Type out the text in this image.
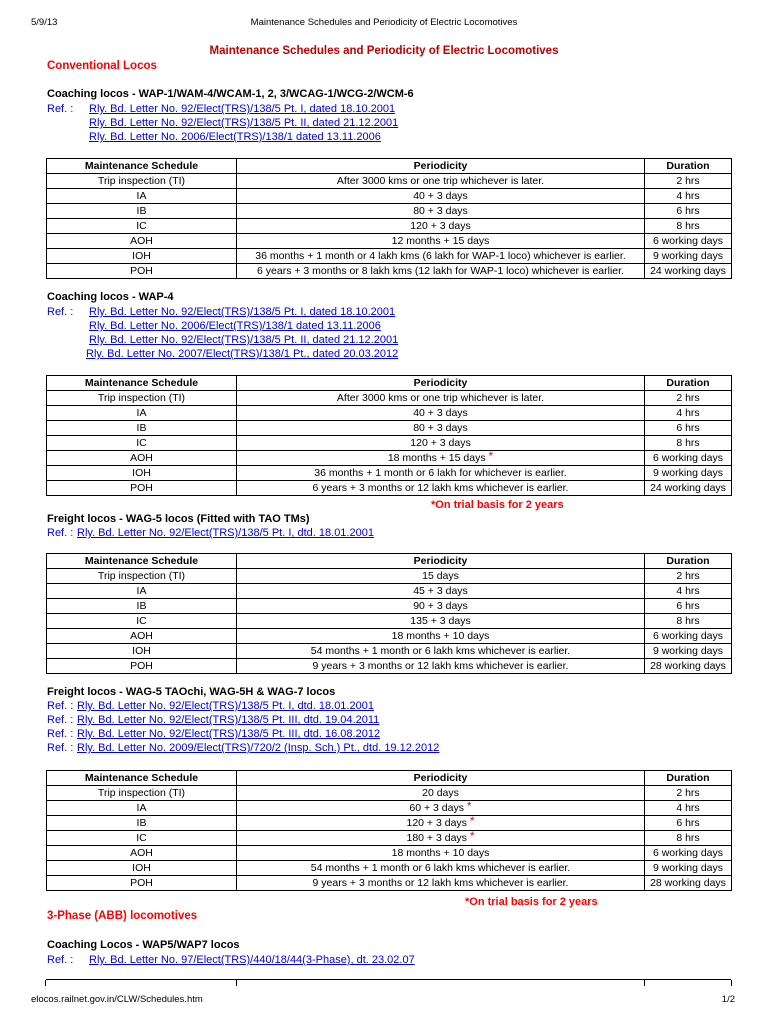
5/9/13	Maintenance Schedules and Periodicity of Electric Locomotives
Maintenance Schedules and Periodicity of Electric Locomotives
Conventional Locos
Coaching locos - WAP-1/WAM-4/WCAM-1, 2, 3/WCAG-1/WCG-2/WCM-6
Ref. : Rly. Bd. Letter No. 92/Elect(TRS)/138/5 Pt. I, dated 18.10.2001
Rly. Bd. Letter No. 92/Elect(TRS)/138/5 Pt. II, dated 21.12.2001
Rly. Bd. Letter No. 2006/Elect(TRS)/138/1 dated 13.11.2006
Maintenance Schedule	Periodicity	Duration
Trip inspection (TI)	After 3000 kms or one trip whichever is later.	2 hrs
IA	40 + 3 days	4 hrs
IB	80 + 3 days	6 hrs
IC	120 + 3 days	8 hrs
AOH	12 months + 15 days	6 working days
IOH	36 months + 1 month or 4 lakh kms (6 lakh for WAP-1 loco) whichever is earlier.	9 working days
POH	6 years + 3 months or 8 lakh kms (12 lakh for WAP-1 loco) whichever is earlier.	24 working days
Coaching locos - WAP-4
Ref. : Rly. Bd. Letter No. 92/Elect(TRS)/138/5 Pt. I, dated 18.10.2001
Rly. Bd. Letter No. 2006/Elect(TRS)/138/1 dated 13.11.2006
Rly. Bd. Letter No. 92/Elect(TRS)/138/5 Pt. II, dated 21.12.2001
Rly. Bd. Letter No. 2007/Elect(TRS)/138/1 Pt., dated 20.03.2012
Maintenance Schedule	Periodicity	Duration
Trip inspection (TI)	After 3000 kms or one trip whichever is later.	2 hrs
IA	40 + 3 days	4 hrs
IB	80 + 3 days	6 hrs
IC	120 + 3 days	8 hrs
AOH	18 months + 15 days *	6 working days
IOH	36 months + 1 month or 6 lakh for whichever is earlier.	9 working days
POH	6 years + 3 months or 12 lakh kms whichever is earlier.	24 working days
*On trial basis for 2 years
Freight locos - WAG-5 locos (Fitted with TAO TMs)
Ref. : Rly. Bd. Letter No. 92/Elect(TRS)/138/5 Pt. I, dtd. 18.01.2001
Maintenance Schedule	Periodicity	Duration
Trip inspection (TI)	15 days	2 hrs
IA	45 + 3 days	4 hrs
IB	90 + 3 days	6 hrs
IC	135 + 3 days	8 hrs
AOH	18 months + 10 days	6 working days
IOH	54 months + 1 month or 6 lakh kms whichever is earlier.	9 working days
POH	9 years + 3 months or 12 lakh kms whichever is earlier.	28 working days
Freight locos - WAG-5 TAOchi, WAG-5H & WAG-7 locos
Ref. : Rly. Bd. Letter No. 92/Elect(TRS)/138/5 Pt. I, dtd. 18.01.2001
Ref. : Rly. Bd. Letter No. 92/Elect(TRS)/138/5 Pt. III, dtd. 19.04.2011
Ref. : Rly. Bd. Letter No. 92/Elect(TRS)/138/5 Pt. III, dtd. 16.08.2012
Ref. : Rly. Bd. Letter No. 2009/Elect(TRS)/720/2 (Insp. Sch.) Pt., dtd. 19.12.2012
Maintenance Schedule	Periodicity	Duration
Trip inspection (TI)	20 days	2 hrs
IA	60 + 3 days *	4 hrs
IB	120 + 3 days *	6 hrs
IC	180 + 3 days *	8 hrs
AOH	18 months + 10 days	6 working days
IOH	54 months + 1 month or 6 lakh kms whichever is earlier.	9 working days
POH	9 years + 3 months or 12 lakh kms whichever is earlier.	28 working days
*On trial basis for 2 years
3-Phase (ABB) locomotives
Coaching Locos - WAP5/WAP7 locos
Ref. : Rly. Bd. Letter No. 97/Elect(TRS)/440/18/44(3-Phase), dt. 23.02.07
elocos.railnet.gov.in/CLW/Schedules.htm	1/2
